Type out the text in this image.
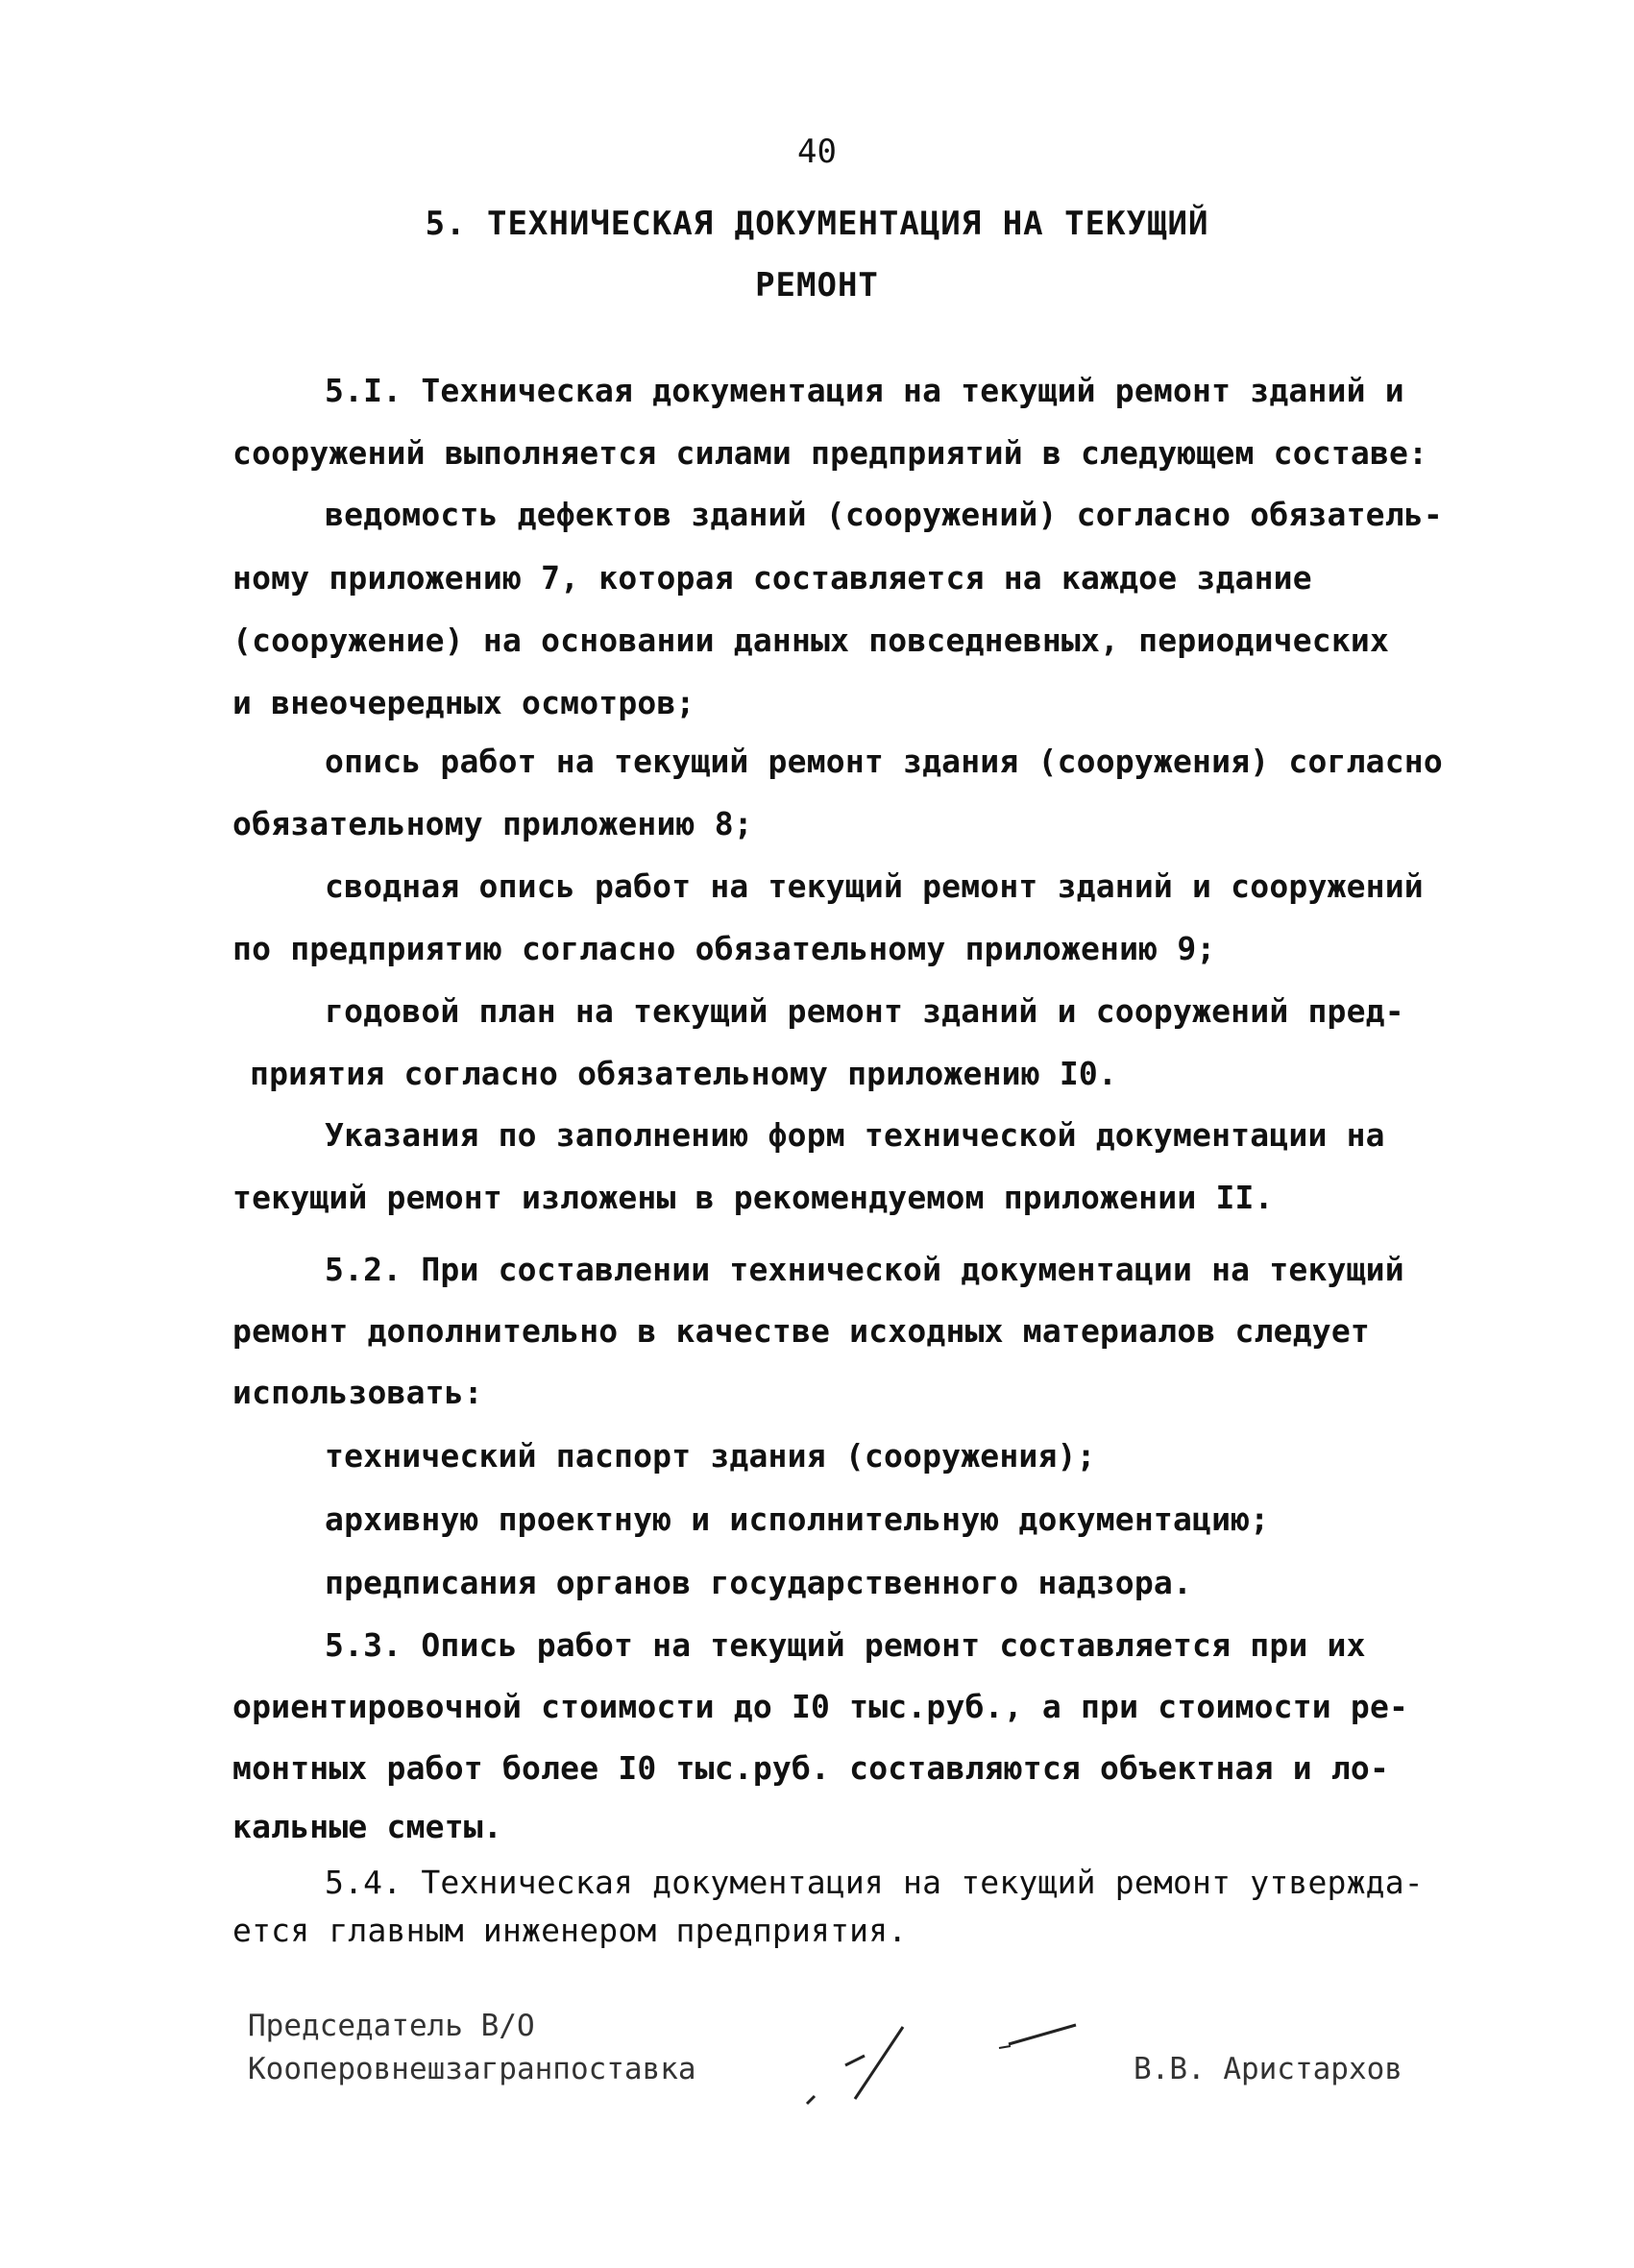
40
5. ТЕХНИЧЕСКАЯ ДОКУМЕНТАЦИЯ НА ТЕКУЩИЙ
РЕМОНТ
5.I. Техническая документация на текущий ремонт зданий и
сооружений выполняется силами предприятий в следующем составе:
ведомость дефектов зданий (сооружений) согласно обязатель-
ному приложению 7, которая составляется на каждое здание
(сооружение) на основании данных повседневных, периодических
и внеочередных осмотров;
опись работ на текущий ремонт здания (сооружения) согласно
обязательному приложению 8;
сводная опись работ на текущий ремонт зданий и сооружений
по предприятию согласно обязательному приложению 9;
годовой план на текущий ремонт зданий и сооружений пред-
приятия согласно обязательному приложению I0.
Указания по заполнению форм технической документации на
текущий ремонт изложены в рекомендуемом приложении II.
5.2. При составлении технической документации на текущий
ремонт дополнительно в качестве исходных материалов следует
использовать:
технический паспорт здания (сооружения);
архивную проектную и исполнительную документацию;
предписания органов государственного надзора.
5.3. Опись работ на текущий ремонт составляется при их
ориентировочной стоимости до I0 тыс.руб., а при стоимости ре-
монтных работ более I0 тыс.руб. составляются объектная и ло-
кальные сметы.
5.4. Техническая документация на текущий ремонт утвержда-
ется главным инженером предприятия.
Председатель В/О
Кооперовнешзагранпоставка	В.В. Аристархов
